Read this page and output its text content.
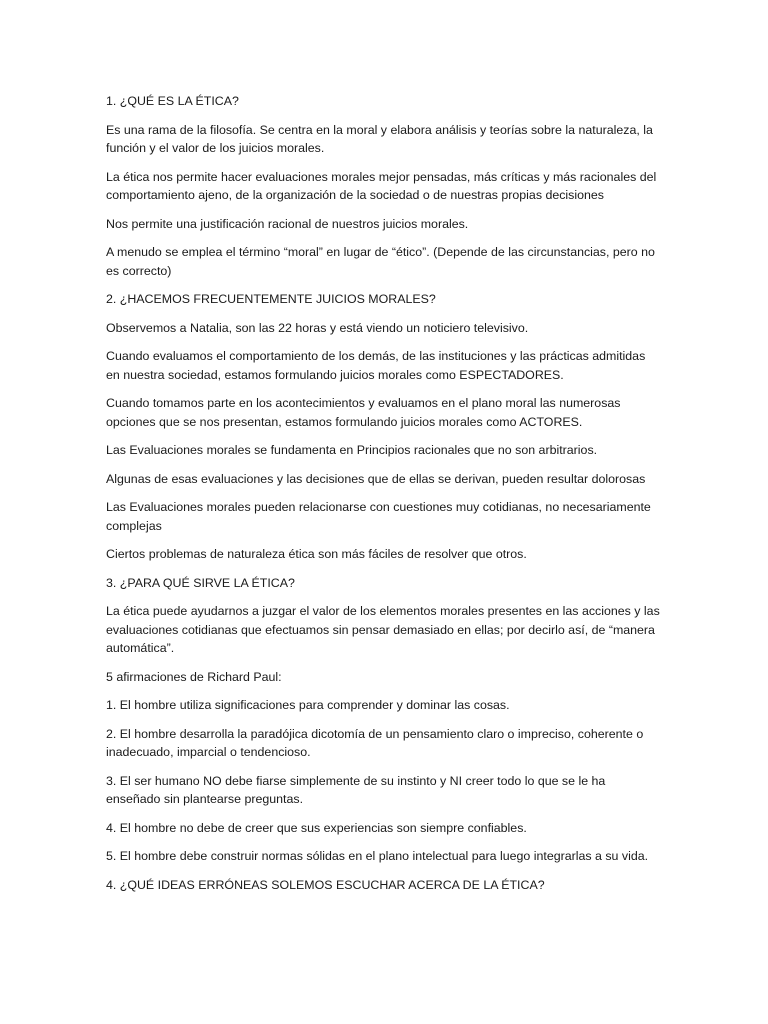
1. ¿QUÉ ES LA ÉTICA?

Es una rama de la filosofía. Se centra en la moral y elabora análisis y teorías sobre la naturaleza, la función y el valor de los juicios morales.

La ética nos permite hacer evaluaciones morales mejor pensadas, más críticas y más racionales del comportamiento ajeno, de la organización de la sociedad o de nuestras propias decisiones

Nos permite una justificación racional de nuestros juicios morales.

A menudo se emplea el término “moral” en lugar de “ético”. (Depende de las circunstancias, pero no es correcto)

2. ¿HACEMOS FRECUENTEMENTE JUICIOS MORALES?

Observemos a Natalia, son las 22 horas y está viendo un noticiero televisivo.

Cuando evaluamos el comportamiento de los demás, de las instituciones y las prácticas admitidas en nuestra sociedad, estamos formulando juicios morales como ESPECTADORES.

Cuando tomamos parte en los acontecimientos y evaluamos en el plano moral las numerosas opciones que se nos presentan, estamos formulando juicios morales como ACTORES.

Las Evaluaciones morales se fundamenta en Principios racionales que no son arbitrarios.

Algunas de esas evaluaciones y las decisiones que de ellas se derivan, pueden resultar dolorosas

Las Evaluaciones morales pueden relacionarse con cuestiones muy cotidianas, no necesariamente complejas

Ciertos problemas de naturaleza ética son más fáciles de resolver que otros.

3. ¿PARA QUÉ SIRVE LA ÉTICA?

La ética puede ayudarnos a juzgar el valor de los elementos morales presentes en las acciones y las evaluaciones cotidianas que efectuamos sin pensar demasiado en ellas; por decirlo así, de “manera automática”.

5 afirmaciones de Richard Paul:

1. El hombre utiliza significaciones para comprender y dominar las cosas.

2. El hombre desarrolla la paradójica dicotomía de un pensamiento claro o impreciso, coherente o inadecuado, imparcial o tendencioso.

3. El ser humano NO debe fiarse simplemente de su instinto y NI creer todo lo que se le ha enseñado sin plantearse preguntas.

4. El hombre no debe de creer que sus experiencias son siempre confiables.

5. El hombre debe construir normas sólidas en el plano intelectual para luego integrarlas a su vida.

4. ¿QUÉ IDEAS ERRÓNEAS SOLEMOS ESCUCHAR ACERCA DE LA ÉTICA?
